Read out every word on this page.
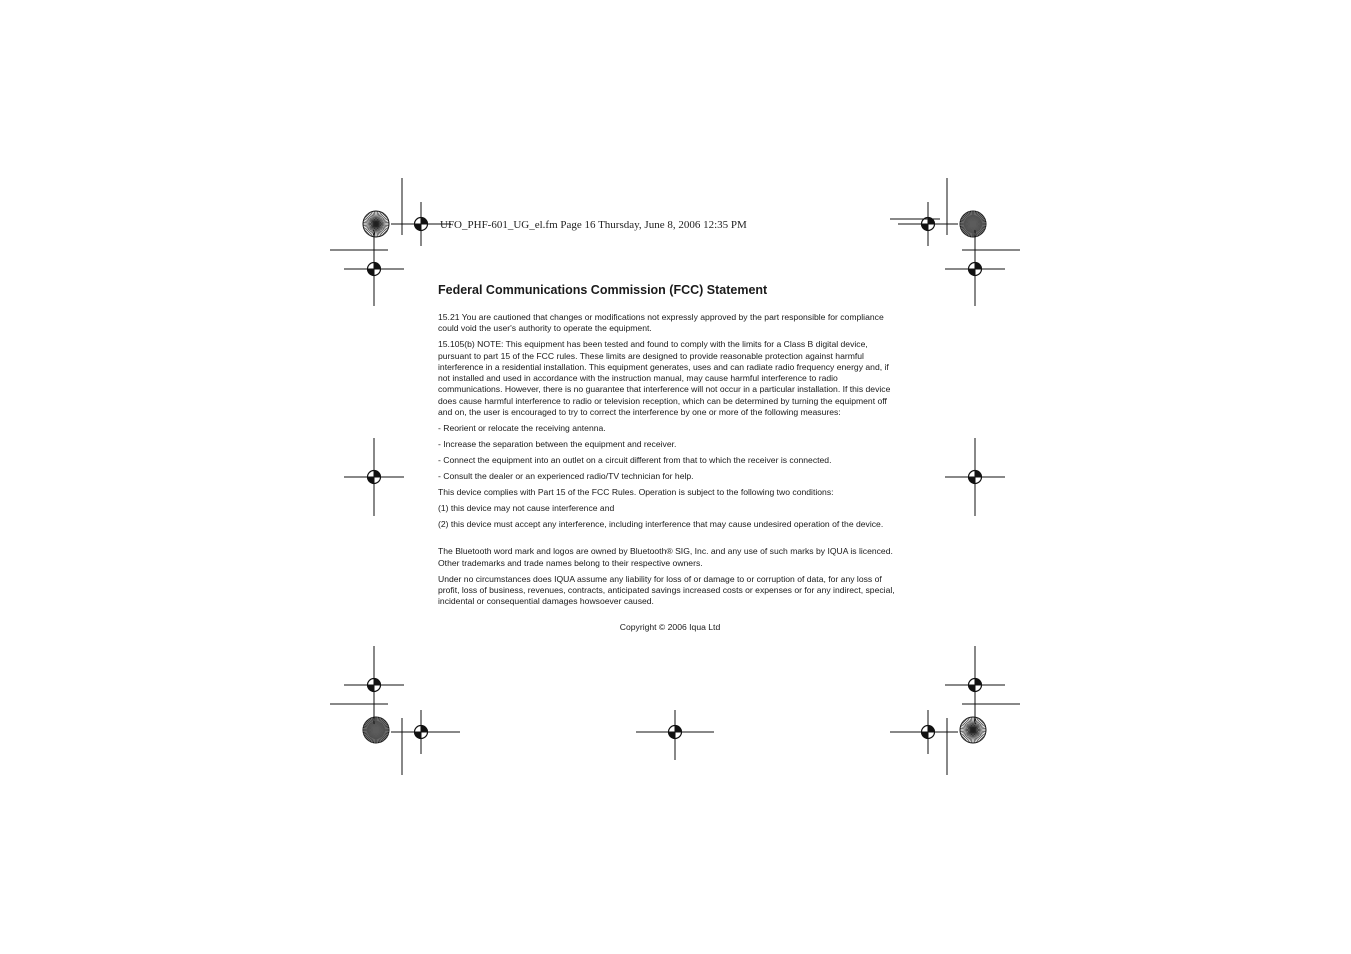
UFO_PHF-601_UG_el.fm Page 16 Thursday, June 8, 2006 12:35 PM
Federal Communications Commission (FCC) Statement

15.21 You are cautioned that changes or modifications not expressly approved by the part responsible for compliance could void the user's authority to operate the equipment.

15.105(b) NOTE: This equipment has been tested and found to comply with the limits for a Class B digital device, pursuant to part 15 of the FCC rules. These limits are designed to provide reasonable protection against harmful interference in a residential installation. This equipment generates, uses and can radiate radio frequency energy and, if not installed and used in accordance with the instruction manual, may cause harmful interference to radio communications. However, there is no guarantee that interference will not occur in a particular installation. If this device does cause harmful interference to radio or television reception, which can be determined by turning the equipment off and on, the user is encouraged to try to correct the interference by one or more of the following measures:

- Reorient or relocate the receiving antenna.

- Increase the separation between the equipment and receiver.

- Connect the equipment into an outlet on a circuit different from that to which the receiver is connected.

- Consult the dealer or an experienced radio/TV technician for help.

This device complies with Part 15 of the FCC Rules. Operation is subject to the following two conditions:

(1) this device may not cause interference and

(2) this device must accept any interference, including interference that may cause undesired operation of the device.

The Bluetooth word mark and logos are owned by Bluetooth® SIG, Inc. and any use of such marks by IQUA is licenced. Other trademarks and trade names belong to their respective owners.

Under no circumstances does IQUA assume any liability for loss of or damage to or corruption of data, for any loss of profit, loss of business, revenues, contracts, anticipated savings increased costs or expenses or for any indirect, special, incidental or consequential damages howsoever caused.

Copyright © 2006 Iqua Ltd
